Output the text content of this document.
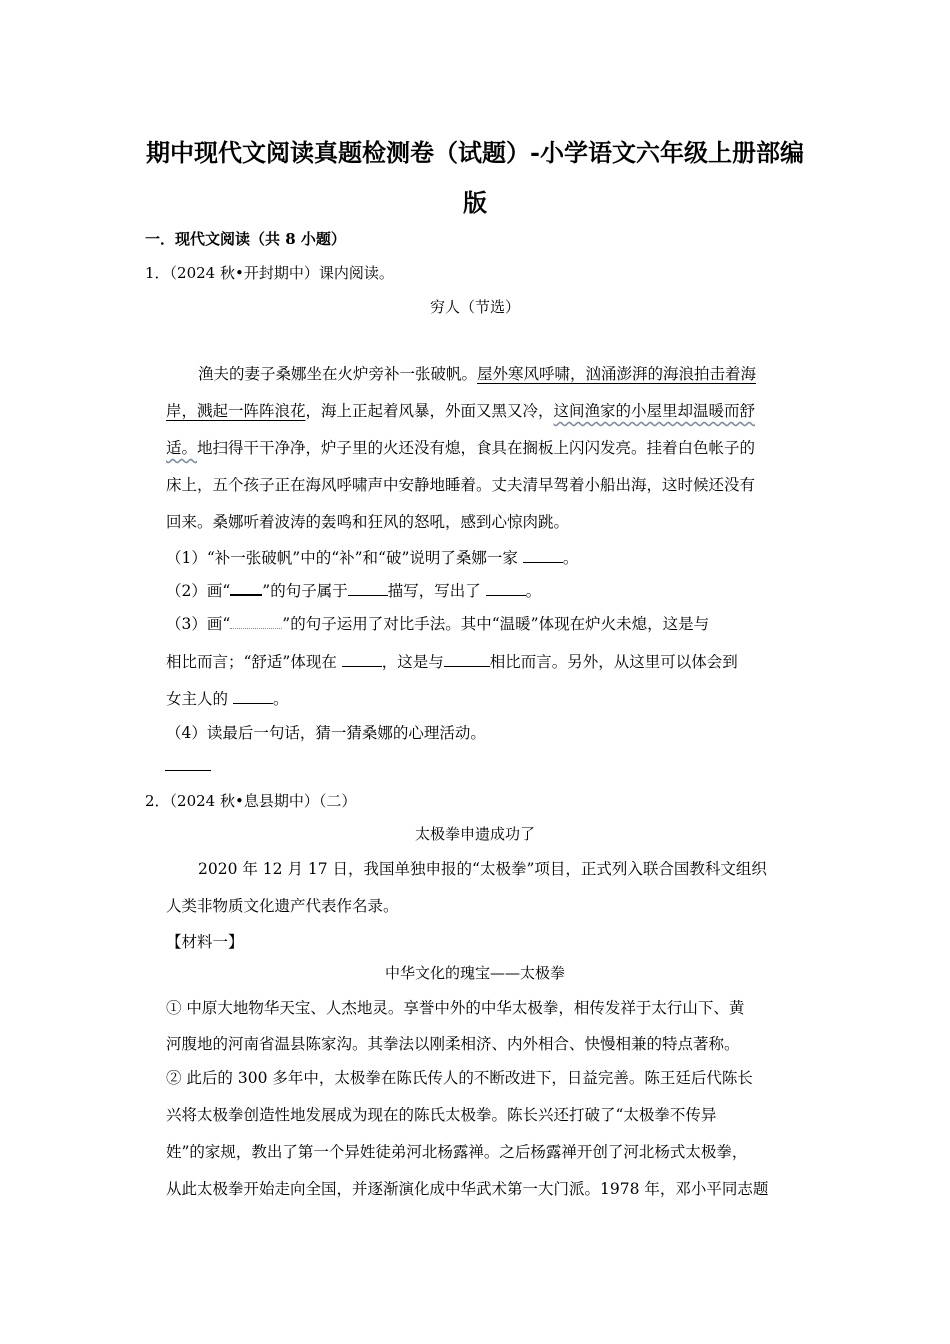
期中现代文阅读真题检测卷（试题）-小学语文六年级上册部编
版
一．现代文阅读（共 8 小题）
1．（2024 秋•开封期中）课内阅读。
穷人（节选）
渔夫的妻子桑娜坐在火炉旁补一张破帆。屋外寒风呼啸，汹涌澎湃的海浪拍击着海
岸，溅起一阵阵浪花，海上正起着风暴，外面又黑又冷，这间渔家的小屋里却温暖而舒
适。地扫得干干净净，炉子里的火还没有熄，食具在搁板上闪闪发亮。挂着白色帐子的
床上，五个孩子正在海风呼啸声中安静地睡着。丈夫清早驾着小船出海，这时候还没有
回来。桑娜听着波涛的轰鸣和狂风的怒吼，感到心惊肉跳。
（1）“补一张破帆”中的“补”和“破”说明了桑娜一家	。
（2）画“ ”的句子属于	描写，写出了	。
（3）画“	”的句子运用了对比手法。其中“温暖”体现在炉火未熄，这是与
相比而言；“舒适”体现在	，这是与	相比而言。另外，从这里可以体会到
女主人的	。
（4）读最后一句话，猜一猜桑娜的心理活动。
2．（2024 秋•息县期中）（二）
太极拳申遗成功了
2020 年 12 月 17 日，我国单独申报的“太极拳”项目，正式列入联合国教科文组织
人类非物质文化遗产代表作名录。
【材料一】
中华文化的瑰宝——太极拳
① 中原大地物华天宝、人杰地灵。享誉中外的中华太极拳，相传发祥于太行山下、黄
河腹地的河南省温县陈家沟。其拳法以刚柔相济、内外相合、快慢相兼的特点著称。
② 此后的 300 多年中，太极拳在陈氏传人的不断改进下，日益完善。陈王廷后代陈长
兴将太极拳创造性地发展成为现在的陈氏太极拳。陈长兴还打破了“太极拳不传异
姓”的家规，教出了第一个异姓徒弟河北杨露禅。之后杨露禅开创了河北杨式太极拳，
从此太极拳开始走向全国，并逐渐演化成中华武术第一大门派。1978 年，邓小平同志题
